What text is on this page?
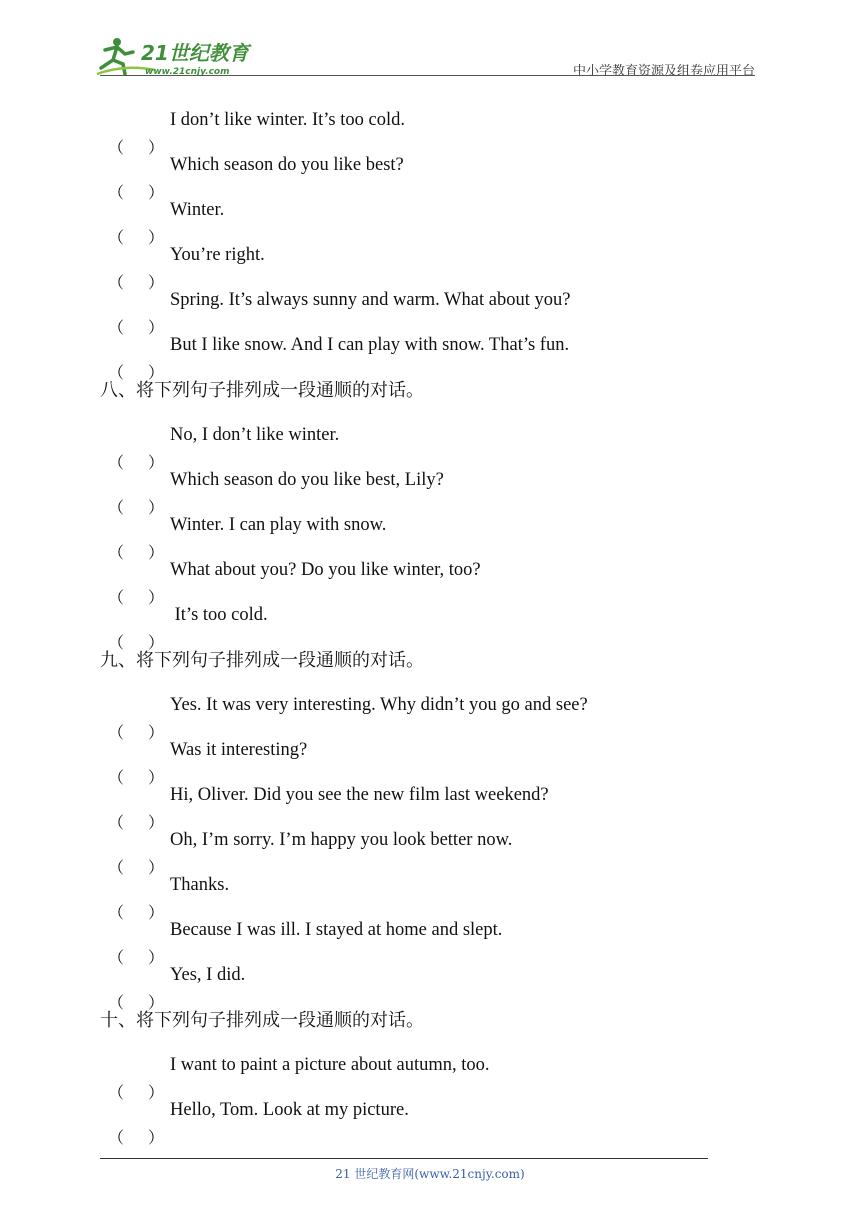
21世纪教育
www.21cnjy.com	中小学教育资源及组卷应用平台
（ ）
I don’t like winter. It’s too cold.
（ ）
Which season do you like best?
（ ）
Winter.
（ ）
You’re right.
（ ）
Spring. It’s always sunny and warm. What about you?
（ ）
But I like snow. And I can play with snow. That’s fun.
八、将下列句子排列成一段通顺的对话。
（ ）
No, I don’t like winter.
（ ）
Which season do you like best, Lily?
（ ）
Winter. I can play with snow.
（ ）
What about you? Do you like winter, too?
（ ）
It’s too cold.
九、将下列句子排列成一段通顺的对话。
（ ）
Yes. It was very interesting. Why didn’t you go and see?
（ ）
Was it interesting?
（ ）
Hi, Oliver. Did you see the new film last weekend?
（ ）
Oh, I’m sorry. I’m happy you look better now.
（ ）
Thanks.
（ ）
Because I was ill. I stayed at home and slept.
（ ）
Yes, I did.
十、将下列句子排列成一段通顺的对话。
（ ）
I want to paint a picture about autumn, too.
（ ）
Hello, Tom. Look at my picture.
21 世纪教育网(www.21cnjy.com)
